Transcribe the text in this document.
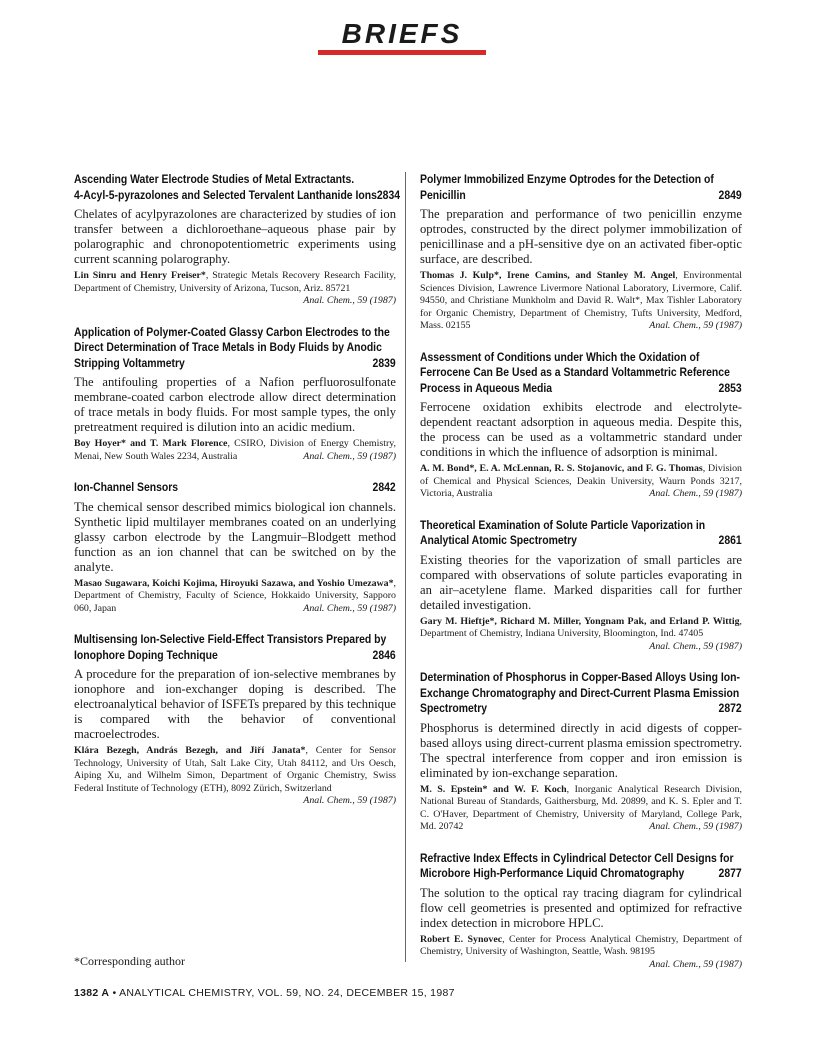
BRIEFS
Ascending Water Electrode Studies of Metal Extractants.
4-Acyl-5-pyrazolones and Selected Tervalent Lanthanide Ions 2834
Chelates of acylpyrazolones are characterized by studies of ion transfer between a dichloroethane–aqueous phase pair by polarographic and chronopotentiometric experiments using current scanning polarography.
Lin Sinru and Henry Freiser*, Strategic Metals Recovery Research Facility, Department of Chemistry, University of Arizona, Tucson, Ariz. 85721
Anal. Chem., 59 (1987)
Application of Polymer-Coated Glassy Carbon Electrodes to the
Direct Determination of Trace Metals in Body Fluids by Anodic
Stripping Voltammetry	2839
The antifouling properties of a Nafion perfluorosulfonate membrane-coated carbon electrode allow direct determination of trace metals in body fluids. For most sample types, the only pretreatment required is dilution into an acidic medium.
Boy Hoyer* and T. Mark Florence, CSIRO, Division of Energy Chemistry, Menai, New South Wales 2234, Australia	Anal. Chem., 59 (1987)
Ion-Channel Sensors	2842
The chemical sensor described mimics biological ion channels. Synthetic lipid multilayer membranes coated on an underlying glassy carbon electrode by the Langmuir–Blodgett method function as an ion channel that can be switched on by the analyte.
Masao Sugawara, Koichi Kojima, Hiroyuki Sazawa, and Yoshio Umezawa*, Department of Chemistry, Faculty of Science, Hokkaido University, Sapporo 060, Japan	Anal. Chem., 59 (1987)
Multisensing Ion-Selective Field-Effect Transistors Prepared by
Ionophore Doping Technique	2846
A procedure for the preparation of ion-selective membranes by ionophore and ion-exchanger doping is described. The electroanalytical behavior of ISFETs prepared by this technique is compared with the behavior of conventional macroelectrodes.
Klára Bezegh, András Bezegh, and Jiří Janata*, Center for Sensor Technology, University of Utah, Salt Lake City, Utah 84112, and Urs Oesch, Aiping Xu, and Wilhelm Simon, Department of Organic Chemistry, Swiss Federal Institute of Technology (ETH), 8092 Zürich, Switzerland
Anal. Chem., 59 (1987)
Polymer Immobilized Enzyme Optrodes for the Detection of
Penicillin	2849
The preparation and performance of two penicillin enzyme optrodes, constructed by the direct polymer immobilization of penicillinase and a pH-sensitive dye on an activated fiber-optic surface, are described.
Thomas J. Kulp*, Irene Camins, and Stanley M. Angel, Environmental Sciences Division, Lawrence Livermore National Laboratory, Livermore, Calif. 94550, and Christiane Munkholm and David R. Walt*, Max Tishler Laboratory for Organic Chemistry, Department of Chemistry, Tufts University, Medford, Mass. 02155	Anal. Chem., 59 (1987)
Assessment of Conditions under Which the Oxidation of
Ferrocene Can Be Used as a Standard Voltammetric Reference
Process in Aqueous Media	2853
Ferrocene oxidation exhibits electrode and electrolyte-dependent reactant adsorption in aqueous media. Despite this, the process can be used as a voltammetric standard under conditions in which the influence of adsorption is minimal.
A. M. Bond*, E. A. McLennan, R. S. Stojanovic, and F. G. Thomas, Division of Chemical and Physical Sciences, Deakin University, Waurn Ponds 3217, Victoria, Australia	Anal. Chem., 59 (1987)
Theoretical Examination of Solute Particle Vaporization in
Analytical Atomic Spectrometry	2861
Existing theories for the vaporization of small particles are compared with observations of solute particles evaporating in an air–acetylene flame. Marked disparities call for further detailed investigation.
Gary M. Hieftje*, Richard M. Miller, Yongnam Pak, and Erland P. Wittig, Department of Chemistry, Indiana University, Bloomington, Ind. 47405
Anal. Chem., 59 (1987)
Determination of Phosphorus in Copper-Based Alloys Using Ion-
Exchange Chromatography and Direct-Current Plasma Emission
Spectrometry	2872
Phosphorus is determined directly in acid digests of copper-based alloys using direct-current plasma emission spectrometry. The spectral interference from copper and iron emission is eliminated by ion-exchange separation.
M. S. Epstein* and W. F. Koch, Inorganic Analytical Research Division, National Bureau of Standards, Gaithersburg, Md. 20899, and K. S. Epler and T. C. O'Haver, Department of Chemistry, University of Maryland, College Park, Md. 20742	Anal. Chem., 59 (1987)
Refractive Index Effects in Cylindrical Detector Cell Designs for
Microbore High-Performance Liquid Chromatography	2877
The solution to the optical ray tracing diagram for cylindrical flow cell geometries is presented and optimized for refractive index detection in microbore HPLC.
Robert E. Synovec, Center for Process Analytical Chemistry, Department of Chemistry, University of Washington, Seattle, Wash. 98195
Anal. Chem., 59 (1987)
*Corresponding author
1382 A • ANALYTICAL CHEMISTRY, VOL. 59, NO. 24, DECEMBER 15, 1987
